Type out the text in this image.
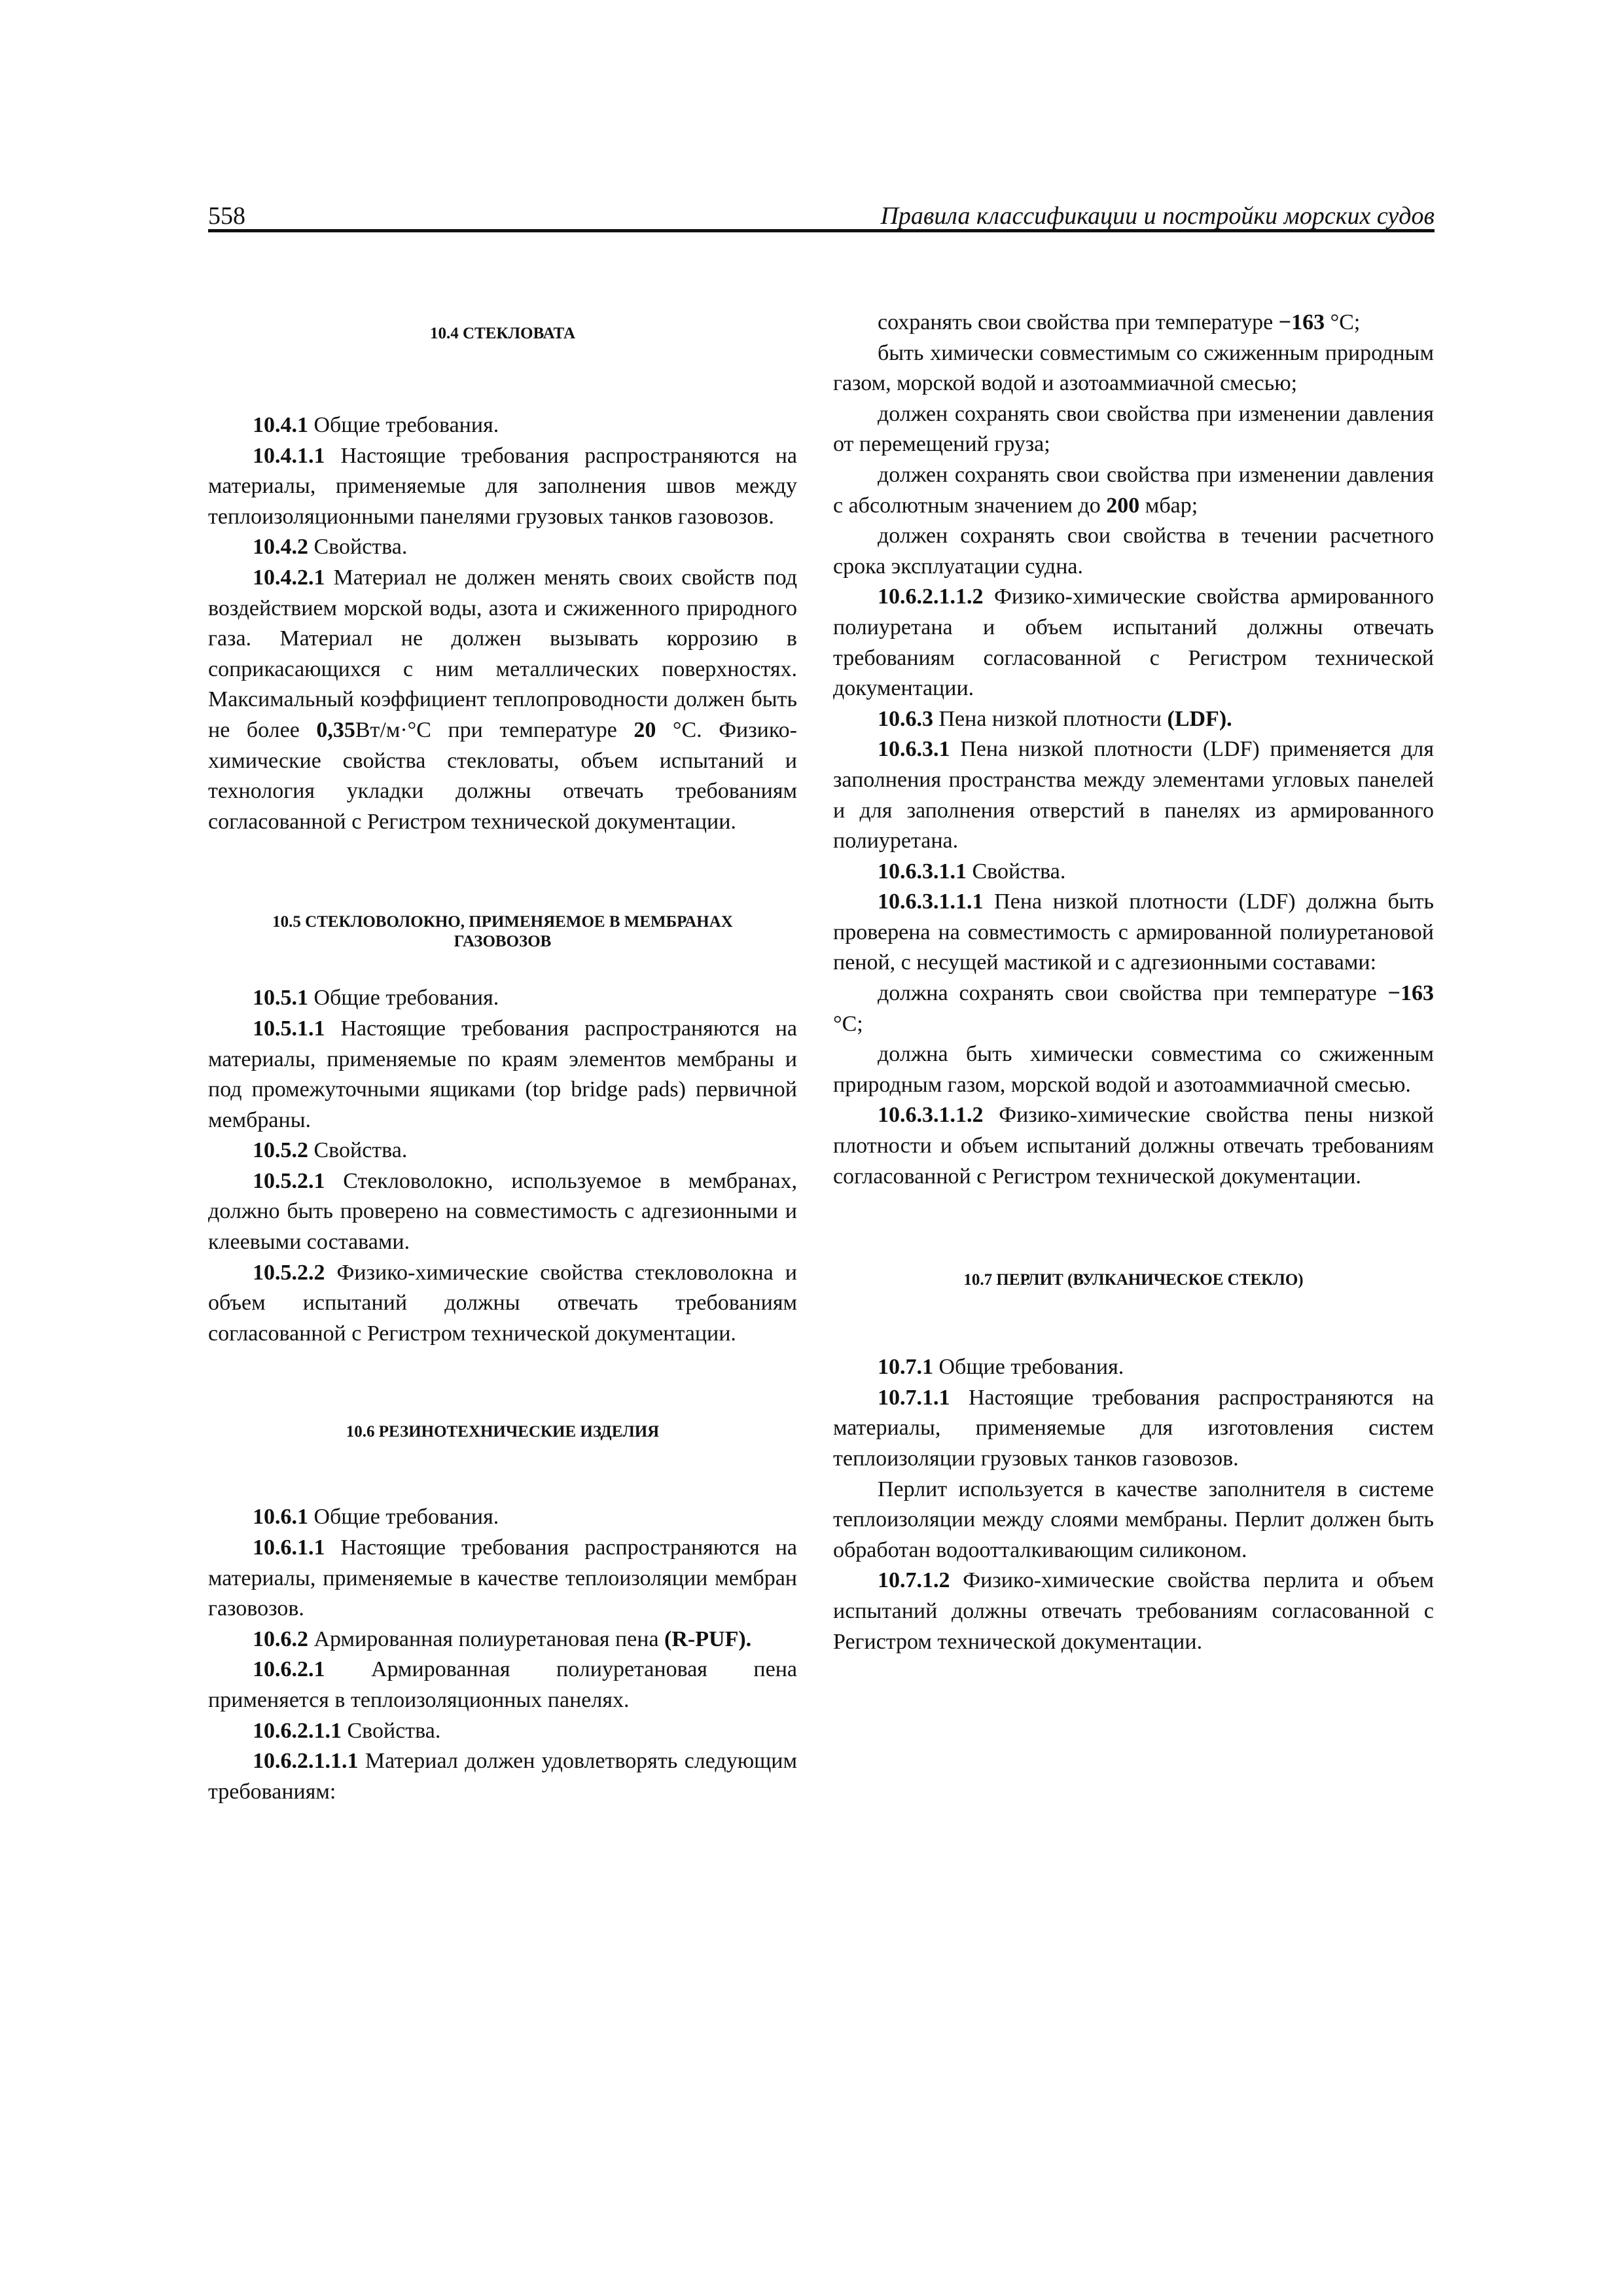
558	Правила классификации и постройки морских судов
10.4 СТЕКЛОВАТА

10.4.1 Общие требования.

10.4.1.1 Настоящие требования распространяются на материалы, применяемые для заполнения швов между теплоизоляционными панелями грузовых танков газовозов.

10.4.2 Свойства.

10.4.2.1 Материал не должен менять своих свойств под воздействием морской воды, азота и сжиженного природного газа. Материал не должен вызывать коррозию в соприкасающихся с ним металлических поверхностях. Максимальный коэффициент теплопроводности должен быть не более 0,35Вт/м·°С при температуре 20 °С. Физико-химические свойства стекловаты, объем испытаний и технология укладки должны отвечать требованиям согласованной с Регистром технической документации.

10.5 СТЕКЛОВОЛОКНО, ПРИМЕНЯЕМОЕ В МЕМБРАНАХ
ГАЗОВОЗОВ

10.5.1 Общие требования.

10.5.1.1 Настоящие требования распространяются на материалы, применяемые по краям элементов мембраны и под промежуточными ящиками (top bridge pads) первичной мембраны.

10.5.2 Свойства.

10.5.2.1 Стекловолокно, используемое в мембранах, должно быть проверено на совместимость с адгезионными и клеевыми составами.

10.5.2.2 Физико-химические свойства стекловолокна и объем испытаний должны отвечать требованиям согласованной с Регистром технической документации.

10.6 РЕЗИНОТЕХНИЧЕСКИЕ ИЗДЕЛИЯ

10.6.1 Общие требования.

10.6.1.1 Настоящие требования распространяются на материалы, применяемые в качестве теплоизоляции мембран газовозов.

10.6.2 Армированная полиуретановая пена (R-PUF).

10.6.2.1 Армированная полиуретановая пена применяется в теплоизоляционных панелях.

10.6.2.1.1 Свойства.

10.6.2.1.1.1 Материал должен удовлетворять следующим требованиям:

сохранять свои свойства при температуре −163 °С;

быть химически совместимым со сжиженным природным газом, морской водой и азотоаммиачной смесью;

должен сохранять свои свойства при изменении давления от перемещений груза;

должен сохранять свои свойства при изменении давления с абсолютным значением до 200 мбар;

должен сохранять свои свойства в течении расчетного срока эксплуатации судна.

10.6.2.1.1.2 Физико-химические свойства армированного полиуретана и объем испытаний должны отвечать требованиям согласованной с Регистром технической документации.

10.6.3 Пена низкой плотности (LDF).

10.6.3.1 Пена низкой плотности (LDF) применяется для заполнения пространства между элементами угловых панелей и для заполнения отверстий в панелях из армированного полиуретана.

10.6.3.1.1 Свойства.

10.6.3.1.1.1 Пена низкой плотности (LDF) должна быть проверена на совместимость с армированной полиуретановой пеной, с несущей мастикой и с адгезионными составами:

должна сохранять свои свойства при температуре −163 °С;

должна быть химически совместима со сжиженным природным газом, морской водой и азотоаммиачной смесью.

10.6.3.1.1.2 Физико-химические свойства пены низкой плотности и объем испытаний должны отвечать требованиям согласованной с Регистром технической документации.

10.7 ПЕРЛИТ (ВУЛКАНИЧЕСКОЕ СТЕКЛО)

10.7.1 Общие требования.

10.7.1.1 Настоящие требования распространяются на материалы, применяемые для изготовления систем теплоизоляции грузовых танков газовозов.

Перлит используется в качестве заполнителя в системе теплоизоляции между слоями мембраны. Перлит должен быть обработан водоотталкивающим силиконом.

10.7.1.2 Физико-химические свойства перлита и объем испытаний должны отвечать требованиям согласованной с Регистром технической документации.
